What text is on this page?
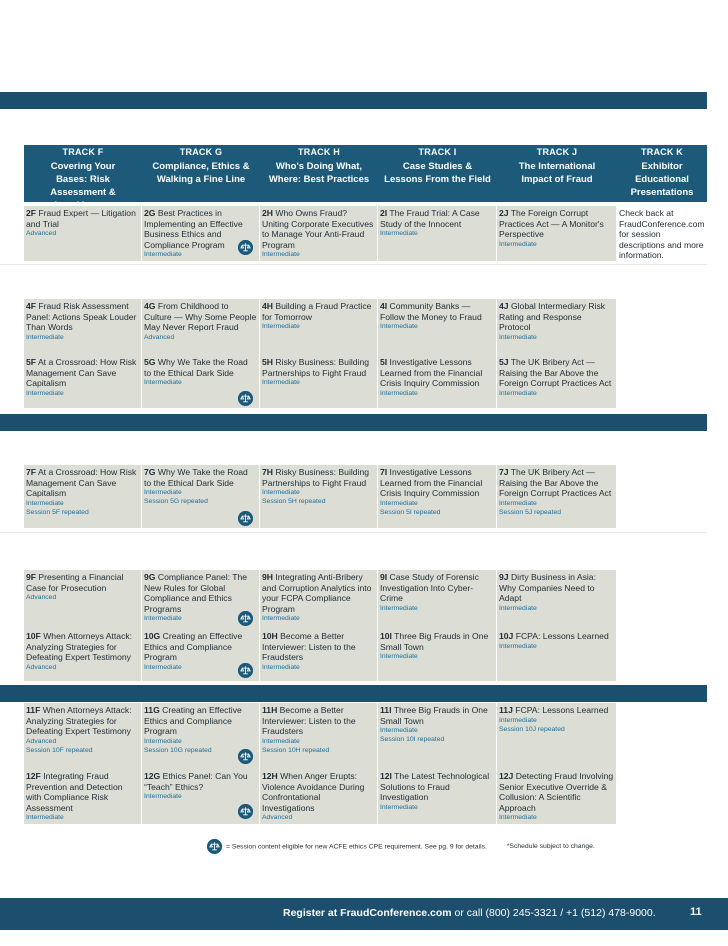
TRACK F
Covering Your Bases: Risk Assessment &
TRACK G
Compliance, Ethics & Walking a Fine Line
TRACK H
Who's Doing What, Where: Best Practices
TRACK I
Case Studies & Lessons From the Field
TRACK J
The International Impact of Fraud
TRACK K
Exhibitor Educational Presentations
2F Fraud Expert — Litigation and Trial
Advanced
2G Best Practices in Implementing an Effective Business Ethics and Compliance Program
Intermediate
2H Who Owns Fraud? Uniting Corporate Executives to Manage Your Anti-Fraud Program
Intermediate
2I The Fraud Trial: A Case Study of the Innocent
Intermediate
2J The Foreign Corrupt Practices Act — A Monitor's Perspective
Intermediate
Check back at FraudConference.com for session descriptions and more information.
4F Fraud Risk Assessment Panel: Actions Speak Louder Than Words
Intermediate
5F At a Crossroad: How Risk Management Can Save Capitalism
Intermediate
4G From Childhood to Culture — Why Some People May Never Report Fraud
Advanced
5G Why We Take the Road to the Ethical Dark Side
Intermediate
4H Building a Fraud Practice for Tomorrow
Intermediate
5H Risky Business: Building Partnerships to Fight Fraud
Intermediate
4I Community Banks — Follow the Money to Fraud
Intermediate
5I Investigative Lessons Learned from the Financial Crisis Inquiry Commission
Intermediate
4J Global Intermediary Risk Rating and Response Protocol
Intermediate
5J The UK Bribery Act — Raising the Bar Above the Foreign Corrupt Practices Act
Intermediate
7F At a Crossroad: How Risk Management Can Save Capitalism
Intermediate
Session 5F repeated
7G Why We Take the Road to the Ethical Dark Side
Intermediate
Session 5G repeated
7H Risky Business: Building Partnerships to Fight Fraud
Intermediate
Session 5H repeated
7I Investigative Lessons Learned from the Financial Crisis Inquiry Commission
Intermediate
Session 5I repeated
7J The UK Bribery Act — Raising the Bar Above the Foreign Corrupt Practices Act
Intermediate
Session 5J repeated
9F Presenting a Financial Case for Prosecution
Advanced
10F When Attorneys Attack: Analyzing Strategies for Defeating Expert Testimony
Advanced
9G Compliance Panel: The New Rules for Global Compliance and Ethics Programs
Intermediate
10G Creating an Effective Ethics and Compliance Program
Intermediate
9H Integrating Anti-Bribery and Corruption Analytics into your FCPA Compliance Program
Intermediate
10H Become a Better Interviewer: Listen to the Fraudsters
Intermediate
9I Case Study of Forensic Investigation Into Cyber-Crime
Intermediate
10I Three Big Frauds in One Small Town
Intermediate
9J Dirty Business in Asia: Why Companies Need to Adapt
Intermediate
10J FCPA: Lessons Learned
Intermediate
11F When Attorneys Attack: Analyzing Strategies for Defeating Expert Testimony
Advanced
Session 10F repeated
12F Integrating Fraud Prevention and Detection with Compliance Risk Assessment
Intermediate
11G Creating an Effective Ethics and Compliance Program
Intermediate
Session 10G repeated
12G Ethics Panel: Can You “Teach” Ethics?
Intermediate
11H Become a Better Interviewer: Listen to the Fraudsters
Intermediate
Session 10H repeated
12H When Anger Erupts: Violence Avoidance During Confrontational Investigations
Advanced
11I Three Big Frauds in One Small Town
Intermediate
Session 10I repeated
12I The Latest Technological Solutions to Fraud Investigation
Intermediate
11J FCPA: Lessons Learned
Intermediate
Session 10J repeated
12J Detecting Fraud Involving Senior Executive Override & Collusion: A Scientific Approach
Intermediate
= Session content eligible for new ACFE ethics CPE requirement. See pg. 9 for details.	*Schedule subject to change.
Register at FraudConference.com or call (800) 245-3321 / +1 (512) 478-9000.	11
